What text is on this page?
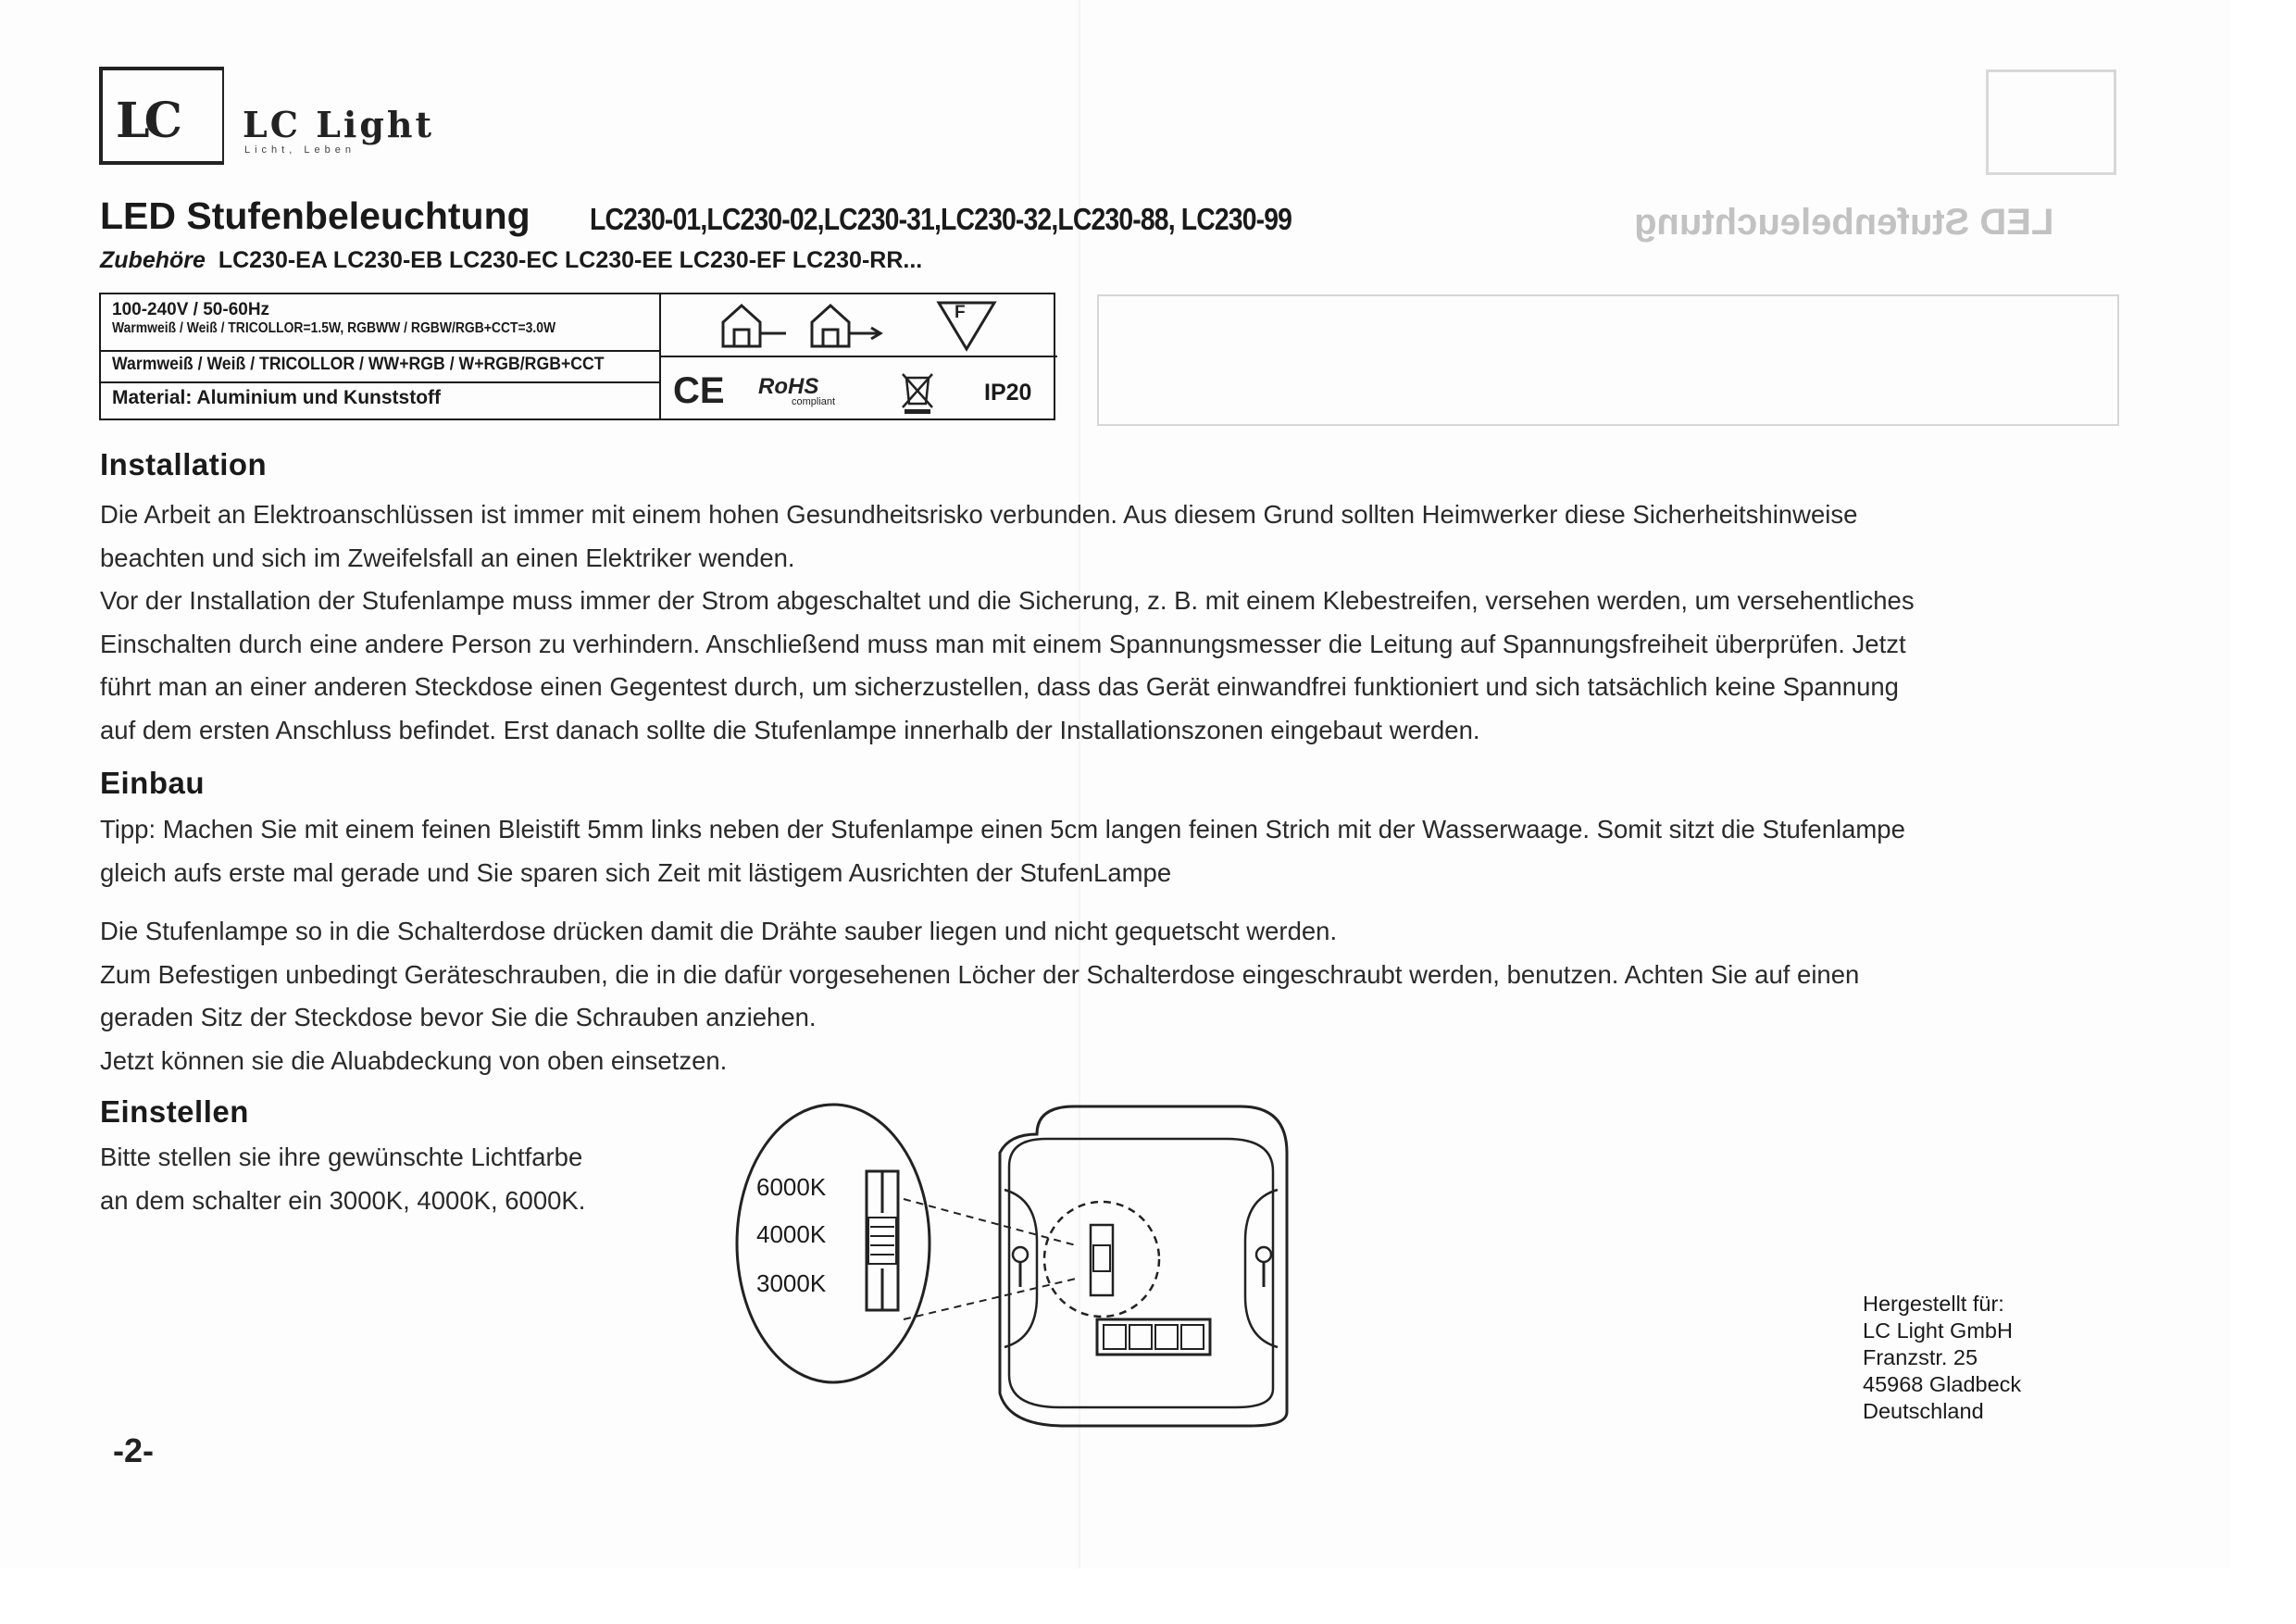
LED Stufenbeleuchtung
LC LC Light
Licht, Leben
LED Stufenbeleuchtung LC230-01,LC230-02,LC230-31,LC230-32,LC230-88, LC230-99
Zubehöre LC230-EA LC230-EB LC230-EC LC230-EE LC230-EF LC230-RR...
100-240V / 50-60Hz
Warmweiß / Weiß / TRICOLLOR=1.5W, RGBWW / RGBW/RGB+CCT=3.0W
Warmweiß / Weiß / TRICOLLOR / WW+RGB / W+RGB/RGB+CCT
Material: Aluminium und Kunststoff
F
CE RoHS
compliant	IP20
Installation

Die Arbeit an Elektroanschlüssen ist immer mit einem hohen Gesundheitsrisko verbunden. Aus diesem Grund sollten Heimwerker diese Sicherheitshinweise

beachten und sich im Zweifelsfall an einen Elektriker wenden.

Vor der Installation der Stufenlampe muss immer der Strom abgeschaltet und die Sicherung, z. B. mit einem Klebestreifen, versehen werden, um versehentliches

Einschalten durch eine andere Person zu verhindern. Anschließend muss man mit einem Spannungsmesser die Leitung auf Spannungsfreiheit überprüfen. Jetzt

führt man an einer anderen Steckdose einen Gegentest durch, um sicherzustellen, dass das Gerät einwandfrei funktioniert und sich tatsächlich keine Spannung

auf dem ersten Anschluss befindet. Erst danach sollte die Stufenlampe innerhalb der Installationszonen eingebaut werden.

Einbau

Tipp: Machen Sie mit einem feinen Bleistift 5mm links neben der Stufenlampe einen 5cm langen feinen Strich mit der Wasserwaage. Somit sitzt die Stufenlampe

gleich aufs erste mal gerade und Sie sparen sich Zeit mit lästigem Ausrichten der StufenLampe

Die Stufenlampe so in die Schalterdose drücken damit die Drähte sauber liegen und nicht gequetscht werden.

Zum Befestigen unbedingt Geräteschrauben, die in die dafür vorgesehenen Löcher der Schalterdose eingeschraubt werden, benutzen. Achten Sie auf einen

geraden Sitz der Steckdose bevor Sie die Schrauben anziehen.

Jetzt können sie die Aluabdeckung von oben einsetzen.

Einstellen

Bitte stellen sie ihre gewünschte Lichtfarbe

an dem schalter ein 3000K, 4000K, 6000K.	6000K
4000K
3000K
Hergestellt für:
LC Light GmbH
Franzstr. 25
45968 Gladbeck
Deutschland
-2-
